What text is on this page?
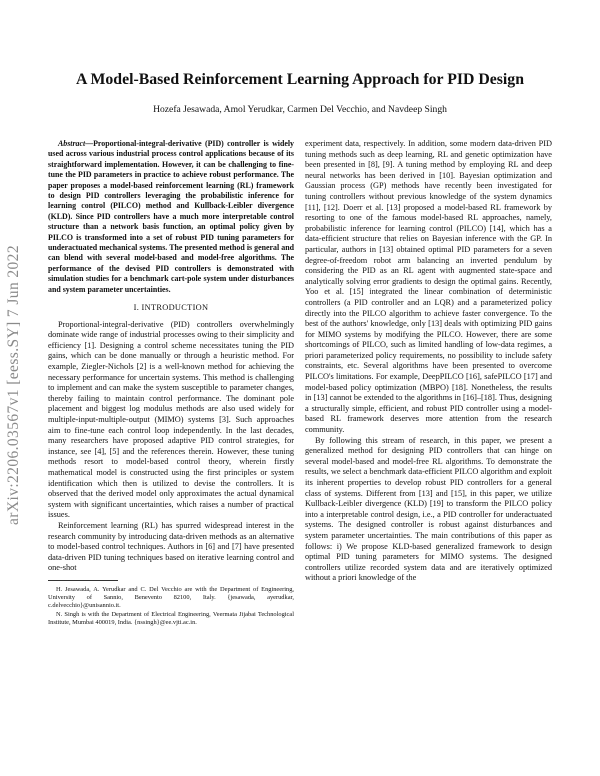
arXiv:2206.03567v1 [eess.SY] 7 Jun 2022
A Model-Based Reinforcement Learning Approach for PID Design
Hozefa Jesawada, Amol Yerudkar, Carmen Del Vecchio, and Navdeep Singh

Abstract—Proportional-integral-derivative (PID) controller is widely used across various industrial process control applications because of its straightforward implementation. However, it can be challenging to fine-tune the PID parameters in practice to achieve robust performance. The paper proposes a model-based reinforcement learning (RL) framework to design PID controllers leveraging the probabilistic inference for learning control (PILCO) method and Kullback-Leibler divergence (KLD). Since PID controllers have a much more interpretable control structure than a network basis function, an optimal policy given by PILCO is transformed into a set of robust PID tuning parameters for underactuated mechanical systems. The presented method is general and can blend with several model-based and model-free algorithms. The performance of the devised PID controllers is demonstrated with simulation studies for a benchmark cart-pole system under disturbances and system parameter uncertainties.

I. INTRODUCTION

Proportional-integral-derivative (PID) controllers overwhelmingly dominate wide range of industrial processes owing to their simplicity and efficiency [1]. Designing a control scheme necessitates tuning the PID gains, which can be done manually or through a heuristic method. For example, Ziegler-Nichols [2] is a well-known method for achieving the necessary performance for uncertain systems. This method is challenging to implement and can make the system susceptible to parameter changes, thereby failing to maintain control performance. The dominant pole placement and biggest log modulus methods are also used widely for multiple-input-multiple-output (MIMO) systems [3]. Such approaches aim to fine-tune each control loop independently. In the last decades, many researchers have proposed adaptive PID control strategies, for instance, see [4], [5] and the references therein. However, these tuning methods resort to model-based control theory, wherein firstly mathematical model is constructed using the first principles or system identification which then is utilized to devise the controllers. It is observed that the derived model only approximates the actual dynamical system with significant uncertainties, which raises a number of practical issues.

Reinforcement learning (RL) has spurred widespread interest in the research community by introducing data-driven methods as an alternative to model-based control techniques. Authors in [6] and [7] have presented data-driven PID tuning techniques based on iterative learning control and one-shot

H. Jesawada, A. Yerudkar and C. Del Vecchio are with the Department of Engineering, University of Sannio, Benevento 82100, Italy. {jesawada, ayerudkar, c.delvecchio}@unisannio.it.

N. Singh is with the Department of Electrical Engineering, Veermata Jijabai Technological Institute, Mumbai 400019, India. {nssingh}@ee.vjti.ac.in.

experiment data, respectively. In addition, some modern data-driven PID tuning methods such as deep learning, RL and genetic optimization have been presented in [8], [9]. A tuning method by employing RL and deep neural networks has been derived in [10]. Bayesian optimization and Gaussian process (GP) methods have recently been investigated for tuning controllers without previous knowledge of the system dynamics [11], [12]. Doerr et al. [13] proposed a model-based RL framework by resorting to one of the famous model-based RL approaches, namely, probabilistic inference for learning control (PILCO) [14], which has a data-efficient structure that relies on Bayesian inference with the GP. In particular, authors in [13] obtained optimal PID parameters for a seven degree-of-freedom robot arm balancing an inverted pendulum by considering the PID as an RL agent with augmented state-space and analytically solving error gradients to design the optimal gains. Recently, Yoo et al. [15] integrated the linear combination of deterministic controllers (a PID controller and an LQR) and a parameterized policy directly into the PILCO algorithm to achieve faster convergence. To the best of the authors' knowledge, only [13] deals with optimizing PID gains for MIMO systems by modifying the PILCO. However, there are some shortcomings of PILCO, such as limited handling of low-data regimes, a priori parameterized policy requirements, no possibility to include safety constraints, etc. Several algorithms have been presented to overcome PILCO's limitations. For example, DeepPILCO [16], safePILCO [17] and model-based policy optimization (MBPO) [18]. Nonetheless, the results in [13] cannot be extended to the algorithms in [16]–[18]. Thus, designing a structurally simple, efficient, and robust PID controller using a model-based RL framework deserves more attention from the research community.

By following this stream of research, in this paper, we present a generalized method for designing PID controllers that can hinge on several model-based and model-free RL algorithms. To demonstrate the results, we select a benchmark data-efficient PILCO algorithm and exploit its inherent properties to develop robust PID controllers for a general class of systems. Different from [13] and [15], in this paper, we utilize Kullback-Leibler divergence (KLD) [19] to transform the PILCO policy into a interpretable control design, i.e., a PID controller for underactuated systems. The designed controller is robust against disturbances and system parameter uncertainties. The main contributions of this paper as follows: i) We propose KLD-based generalized framework to design optimal PID tuning parameters for MIMO systems. The designed controllers utilize recorded system data and are iteratively optimized without a priori knowledge of the
